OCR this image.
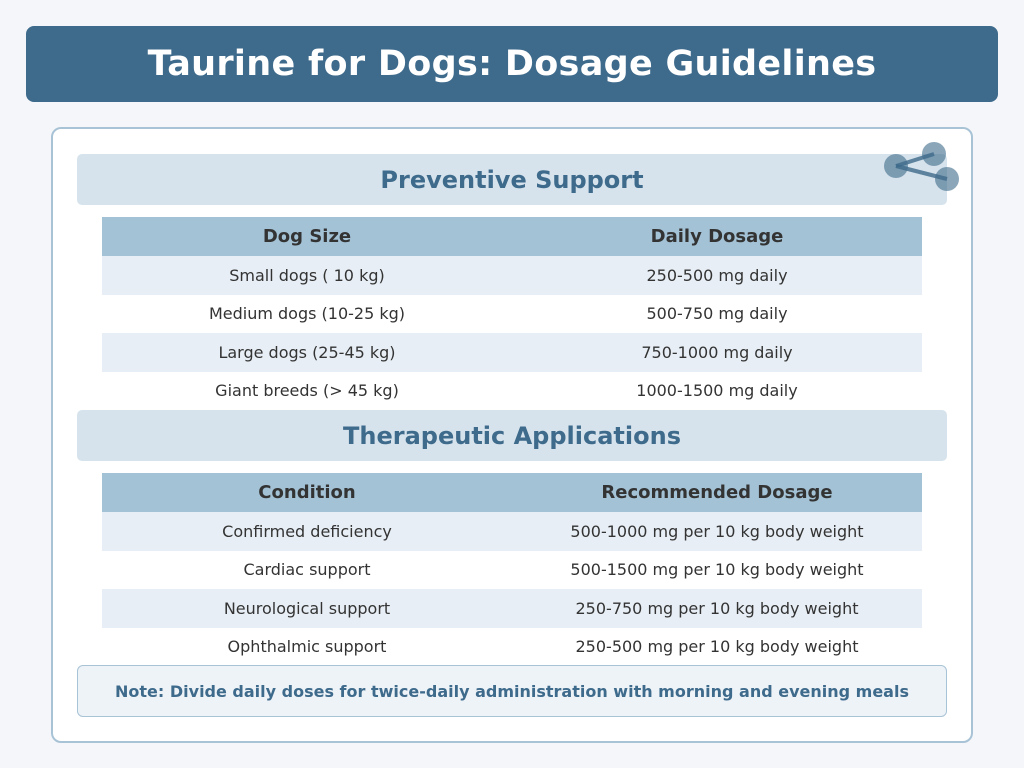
Taurine for Dogs: Dosage Guidelines
Preventive Support
Dog Size	Daily Dosage
Small dogs ( 10 kg)	250-500 mg daily
Medium dogs (10-25 kg)	500-750 mg daily
Large dogs (25-45 kg)	750-1000 mg daily
Giant breeds (> 45 kg)	1000-1500 mg daily
Therapeutic Applications
Condition	Recommended Dosage
Confirmed deficiency	500-1000 mg per 10 kg body weight
Cardiac support	500-1500 mg per 10 kg body weight
Neurological support	250-750 mg per 10 kg body weight
Ophthalmic support	250-500 mg per 10 kg body weight

Note: Divide daily doses for twice-daily administration with morning and evening meals
